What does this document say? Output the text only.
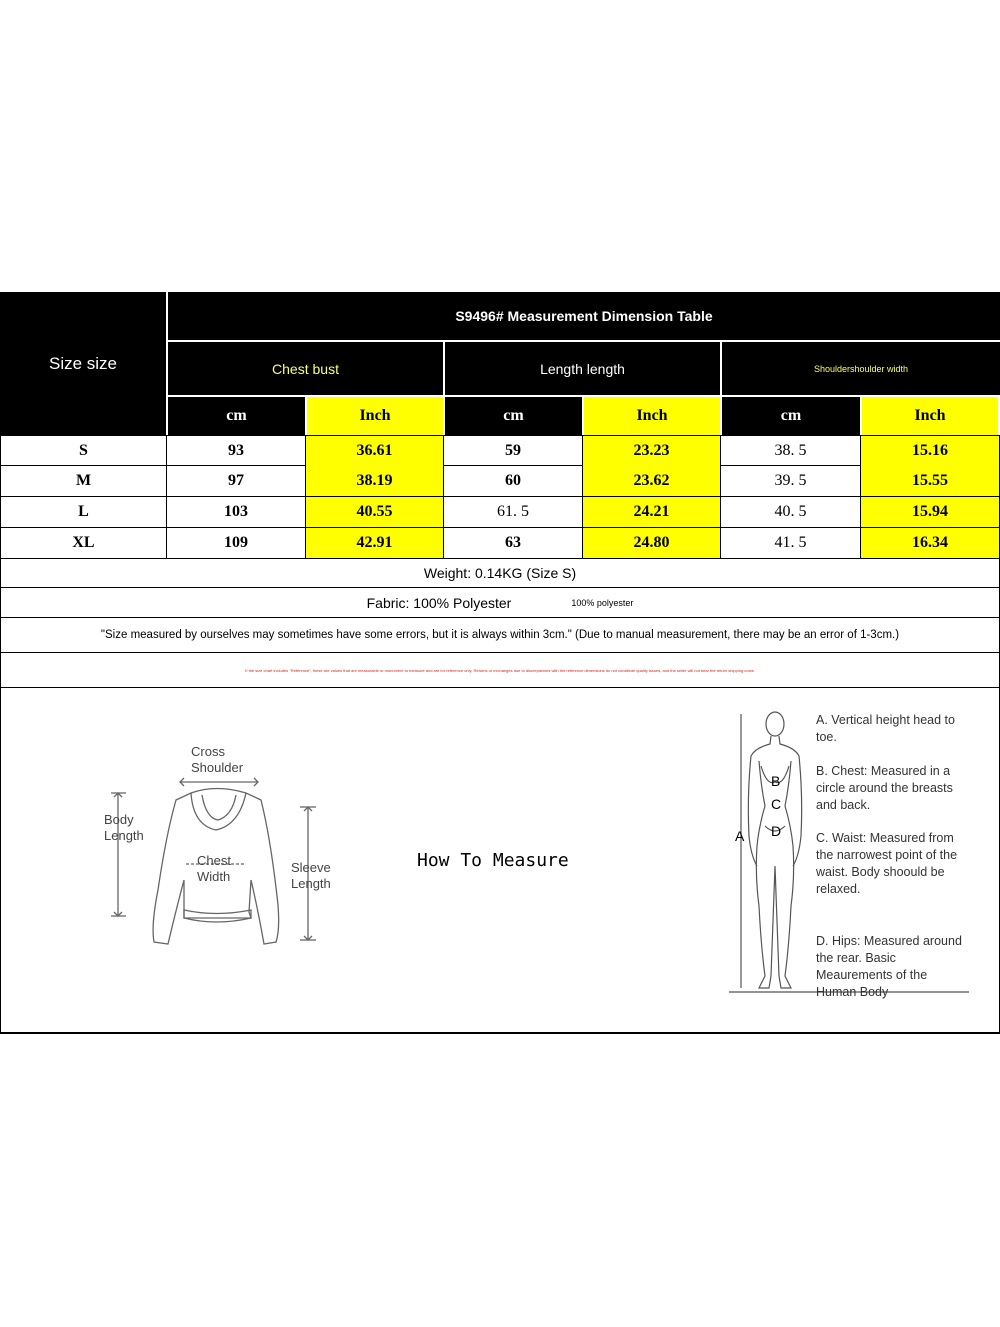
Size size
S9496# Measurement Dimension Table
Chest bust	Length length	Shouldershoulder width
cm	Inch	cm	Inch	cm	Inch
S	93	36.61	59	23.23	38. 5	15.16
M	97	38.19	60	23.62	39. 5	15.55
L	103	40.55	61. 5	24.21	40. 5	15.94
XL	109	42.91	63	24.80	41. 5	16.34
Weight: 0.14KG (Size S)
Fabric: 100% Polyester	100% polyester
"Size measured by ourselves may sometimes have some errors, but it is always within 3cm." (Due to manual measurement, there may be an error of 1-3cm.)
If the size chart includes "Reference", these are values that are measurable or monument to measure and are for reference only. Returns or exchanges due to discrepancies with the reference dimensions do not constitute quality issues, and the seller will not bear the return shipping costs.
Cross Shoulder
Body Length
Chest Width
Sleeve Length
How To Measure
A
B
C
D
A. Vertical height head to toe.
B. Chest: Measured in a circle around the breasts and back.
C. Waist: Measured from the narrowest point of the waist. Body shoould be relaxed.
D. Hips: Measured around the rear. Basic Meaurements of the Human Body
